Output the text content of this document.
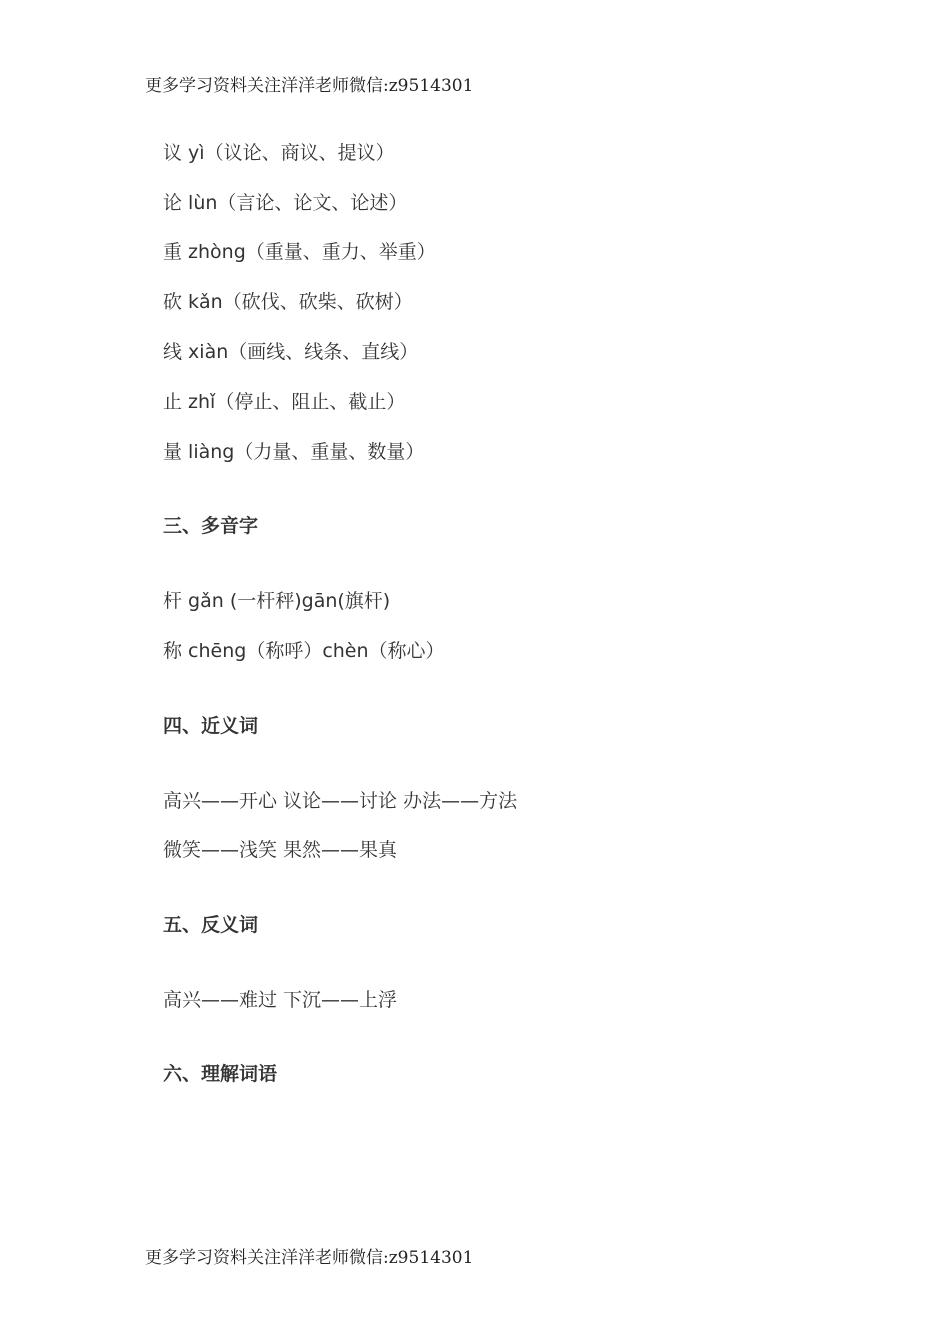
更多学习资料关注洋洋老师微信:z9514301
议 yì（议论、商议、提议）
论 lùn（言论、论文、论述）
重 zhòng（重量、重力、举重）
砍 kǎn（砍伐、砍柴、砍树）
线 xiàn（画线、线条、直线）
止 zhǐ（停止、阻止、截止）
量 liàng（力量、重量、数量）
三、多音字
杆 gǎn (一杆秤)gān(旗杆)
称 chēng（称呼）chèn（称心）
四、近义词
高兴——开心 议论——讨论 办法——方法
微笑——浅笑 果然——果真
五、反义词
高兴——难过 下沉——上浮
六、理解词语
更多学习资料关注洋洋老师微信:z9514301
